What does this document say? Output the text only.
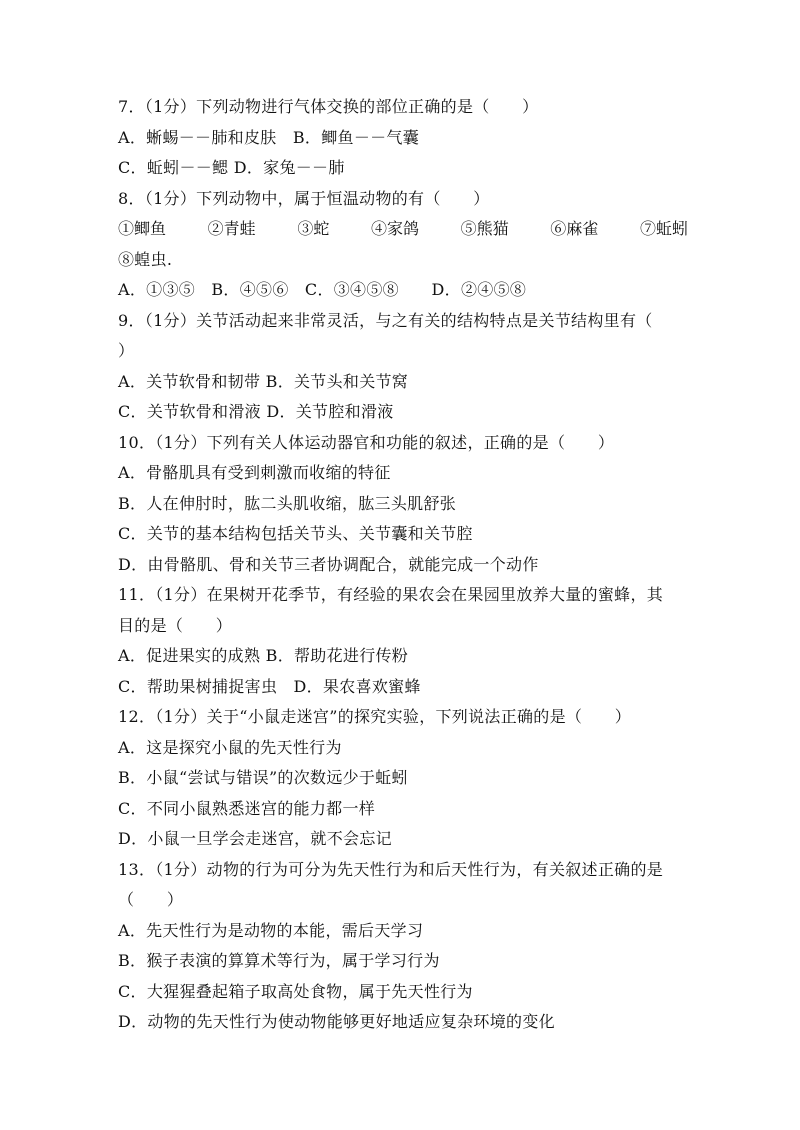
7．（1分）下列动物进行气体交换的部位正确的是（　　）
A．蜥蜴－－肺和皮肤　B．鲫鱼－－气囊
C．蚯蚓－－鳃 D．家兔－－肺
8．（1分）下列动物中，属于恒温动物的有（　　）
①鲫鱼	②青蛙	③蛇	④家鸽	⑤熊猫	⑥麻雀	⑦蚯蚓
⑧蝗虫.
A．①③⑤　B．④⑤⑥　C．③④⑤⑧　　D．②④⑤⑧
9．（1分）关节活动起来非常灵活，与之有关的结构特点是关节结构里有（
）
A．关节软骨和韧带 B．关节头和关节窝
C．关节软骨和滑液 D．关节腔和滑液
10．（1分）下列有关人体运动器官和功能的叙述，正确的是（　　）
A．骨骼肌具有受到刺激而收缩的特征
B．人在伸肘时，肱二头肌收缩，肱三头肌舒张
C．关节的基本结构包括关节头、关节囊和关节腔
D．由骨骼肌、骨和关节三者协调配合，就能完成一个动作
11．（1分）在果树开花季节，有经验的果农会在果园里放养大量的蜜蜂，其
目的是（　　）
A．促进果实的成熟 B．帮助花进行传粉
C．帮助果树捕捉害虫　D．果农喜欢蜜蜂
12．（1分）关于“小鼠走迷宫”的探究实验，下列说法正确的是（　　）
A．这是探究小鼠的先天性行为
B．小鼠“尝试与错误”的次数远少于蚯蚓
C．不同小鼠熟悉迷宫的能力都一样
D．小鼠一旦学会走迷宫，就不会忘记
13．（1分）动物的行为可分为先天性行为和后天性行为，有关叙述正确的是
（　　）
A．先天性行为是动物的本能，需后天学习
B．猴子表演的算算术等行为，属于学习行为
C．大猩猩叠起箱子取高处食物，属于先天性行为
D．动物的先天性行为使动物能够更好地适应复杂环境的变化
